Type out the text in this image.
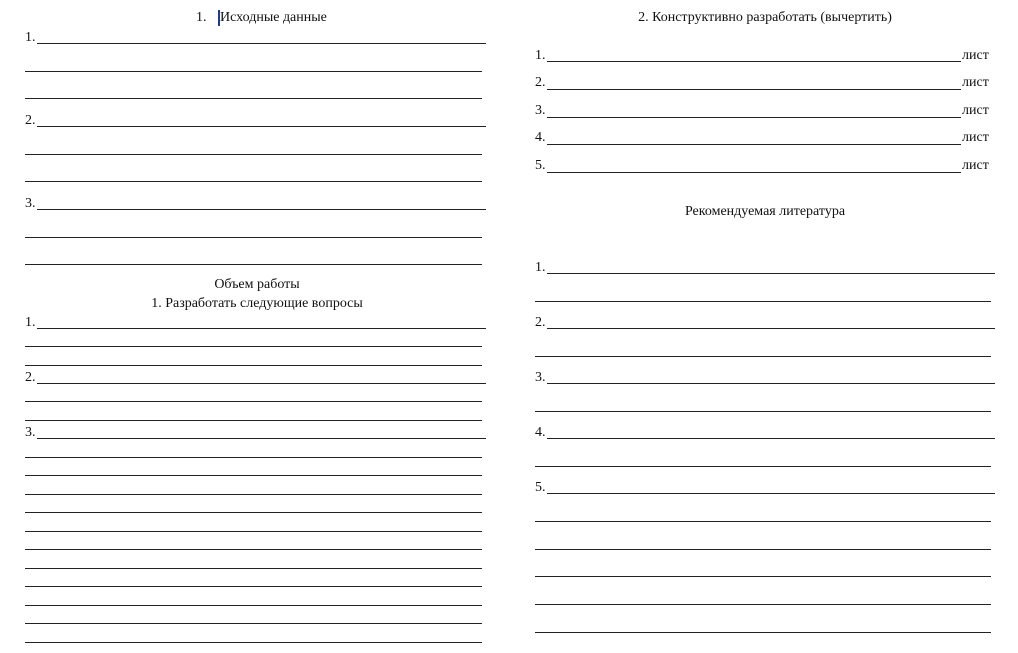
1. Исходные данные
1.
2.
3.
Объем работы
1. Разработать следующие вопросы
1.
2.
3.
2. Конструктивно разработать (вычертить)
1.	лист
2.	лист
3.	лист
4.	лист
5.	лист
Рекомендуемая литература
1.
2.
3.
4.
5.
